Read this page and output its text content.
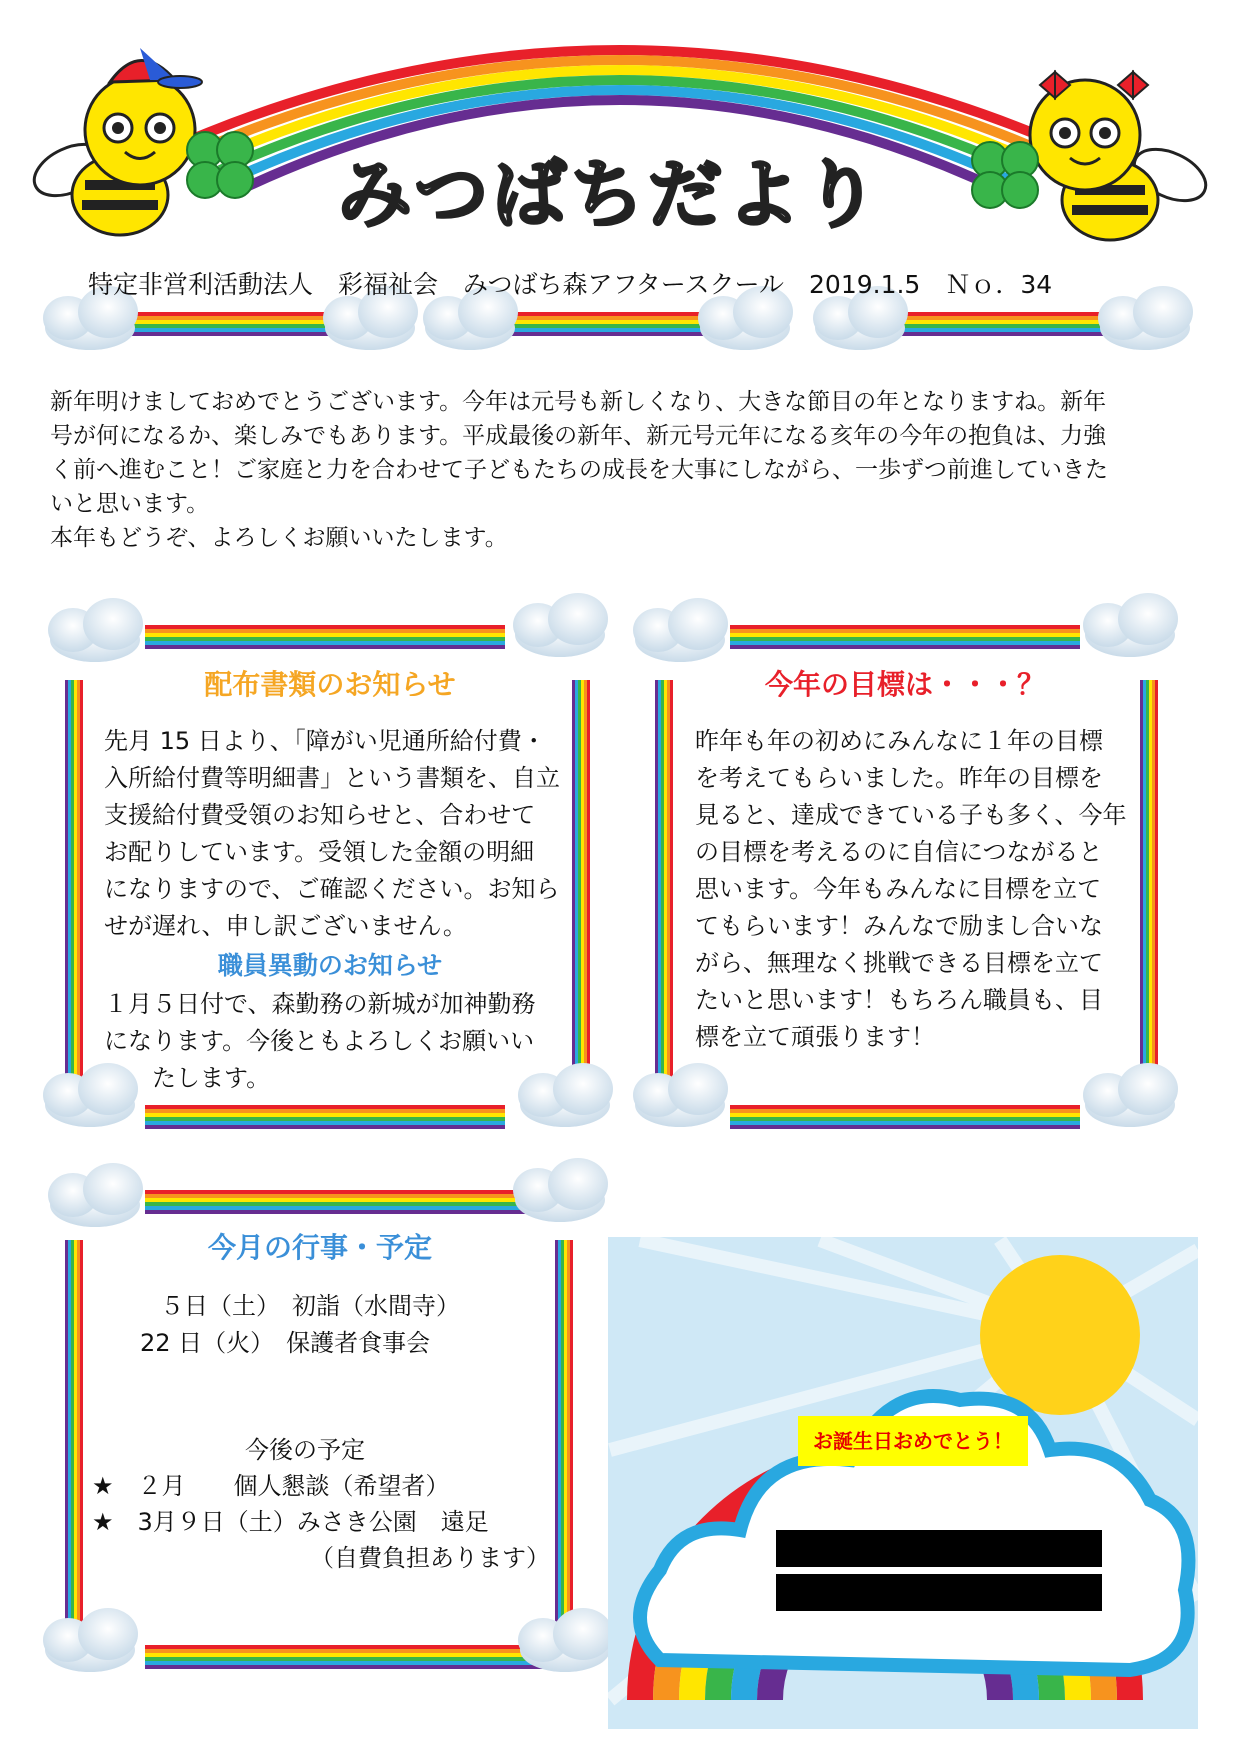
みつばちだより
特定非営利活動法人　彩福祉会　みつばち森アフタースクール　2019.1.5　Ｎｏ．34
新年明けましておめでとうございます。今年は元号も新しくなり、大きな節目の年となりますね。新年
号が何になるか、楽しみでもあります。平成最後の新年、新元号元年になる亥年の今年の抱負は、力強
く前へ進むこと！ご家庭と力を合わせて子どもたちの成長を大事にしながら、一歩ずつ前進していきた
いと思います。
本年もどうぞ、よろしくお願いいたします。
配布書類のお知らせ
先月 15 日より、「障がい児通所給付費・
入所給付費等明細書」という書類を、自立
支援給付費受領のお知らせと、合わせて
お配りしています。受領した金額の明細
になりますので、ご確認ください。お知ら
せが遅れ、申し訳ございません。
職員異動のお知らせ
１月５日付で、森勤務の新城が加神勤務
になります。今後ともよろしくお願いい
　　たします。
今年の目標は・・・？
昨年も年の初めにみんなに１年の目標
を考えてもらいました。昨年の目標を
見ると、達成できている子も多く、今年
の目標を考えるのに自信につながると
思います。今年もみんなに目標を立て
てもらいます！みんなで励まし合いな
がら、無理なく挑戦できる目標を立て
たいと思います！もちろん職員も、目
標を立て頑張ります！
今月の行事・予定
５日（土）　初詣（水間寺）
22 日（火）　保護者食事会
今後の予定
★　２月　　個人懇談（希望者）
★　3月９日（土）みさき公園　遠足
（自費負担あります）
お誕生日おめでとう！
